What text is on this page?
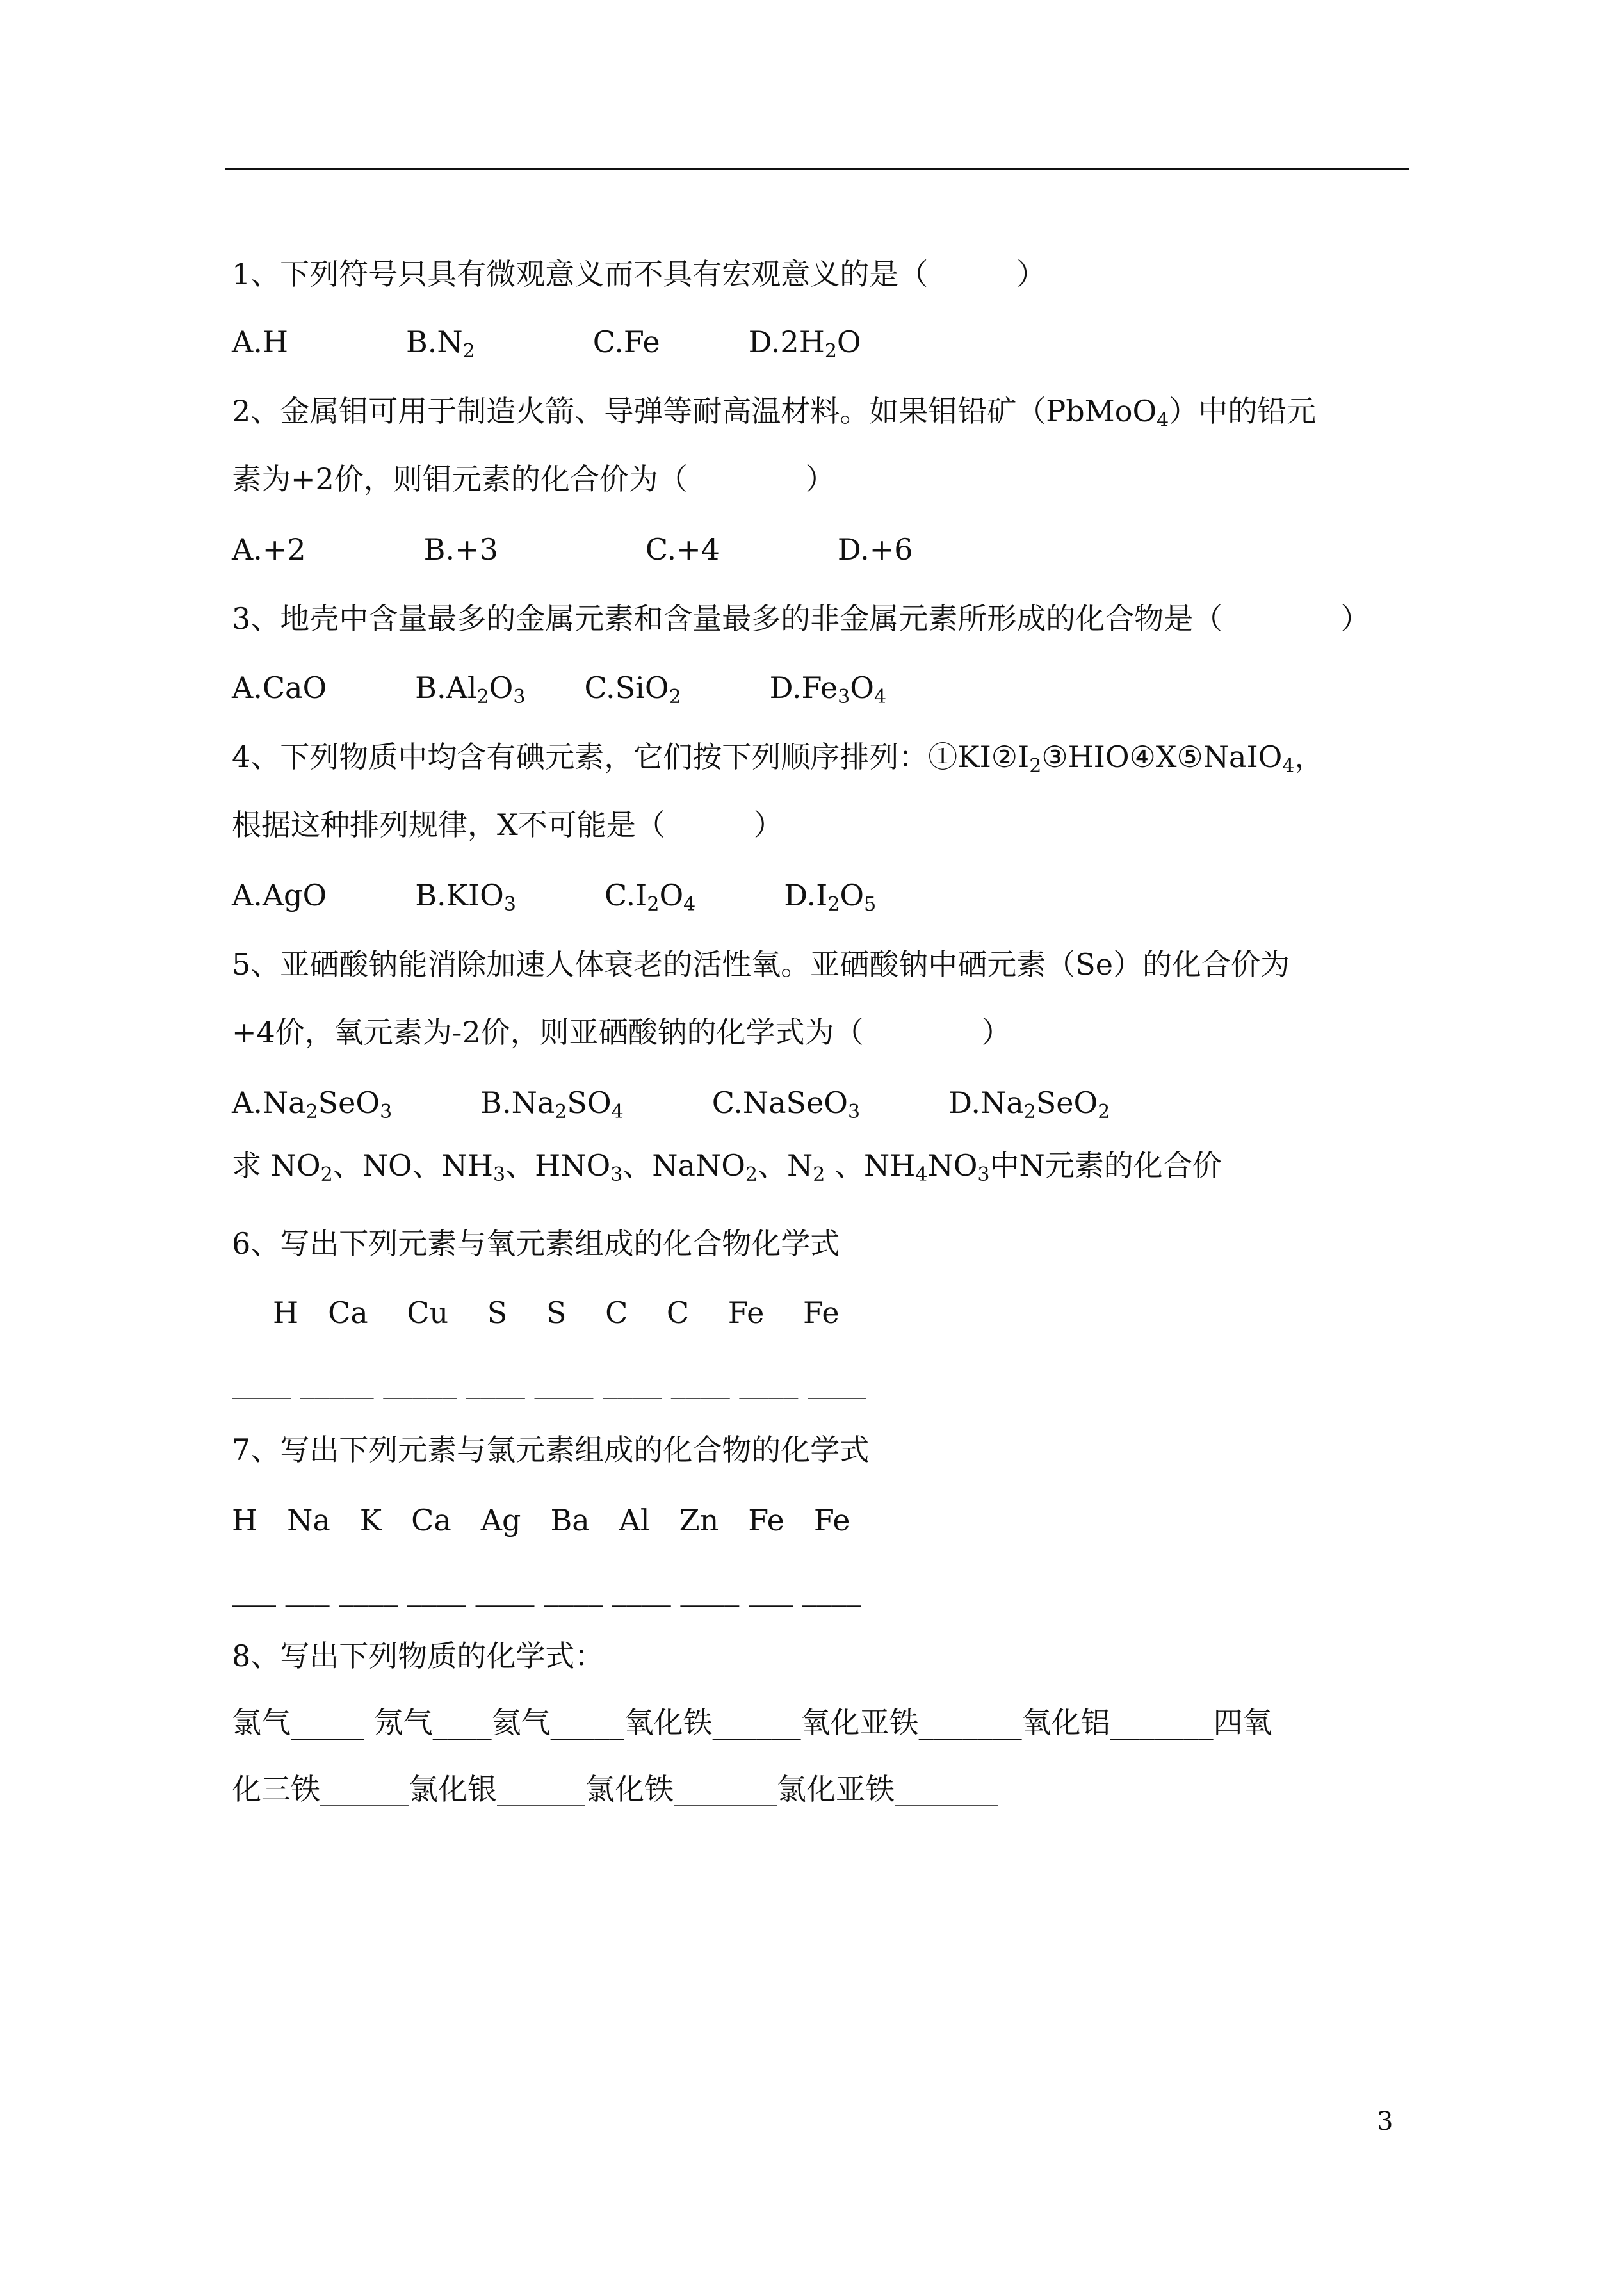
1、下列符号只具有微观意义而不具有宏观意义的是（　　　）
A.H　　　　	$B.N_2$　　　　	C.Fe　　　	$D.2H_2O$
2、金属钼可用于制造火箭、导弹等耐高温材料。如果钼铅矿（PbMoO$_4$）中的铅元
素为+2价，则钼元素的化合价为（　　　　）
A.+2　　　　B.+3　　　　　C.+4　　　　D.+6
3、地壳中含量最多的金属元素和含量最多的非金属元素所形成的化合物是（　　　　）
A.CaO　　　$B.Al_2O_3$　　C.SiO$_2$　　　$D.Fe_3O_4$
4、下列物质中均含有碘元素，它们按下列顺序排列：$①KI②I_2③HIO④X⑤NaIO_4$，
根据这种排列规律，X不可能是（　　　）
A.AgO　　　$B.KIO_3$　　　$C.I_2O_4$　　　$D.I_2O_5$
5、亚硒酸钠能消除加速人体衰老的活性氧。亚硒酸钠中硒元素（Se）的化合价为
+4价，氧元素为-2价，则亚硒酸钠的化学式为（　　　　）
$A.Na_2SeO_3$　　　$B.Na_2SO_4$　　　C.NaSeO$_3$　　　$D.Na_2SeO_2$
求 $NO_2$、NO、$NH_3$、$HNO_3$、NaNO$_2$、$N_2$ 、$NH_4NO_3$中N元素的化合价
6、写出下列元素与氧元素组成的化合物化学式
H　Ca　 Cu　 S　 S　 C　 C　 Fe　 Fe
____ _____ _____ ____ ____ ____ ____ ____ ____
7、写出下列元素与氯元素组成的化合物的化学式
H　Na　K　Ca　Ag　Ba　Al　Zn　Fe　Fe
___ ___ ____ ____ ____ ____ ____ ____ ___ ____
8、写出下列物质的化学式：
氯气_____ 氖气____氦气_____氧化铁______氧化亚铁_______氧化铝_______四氧
化三铁______氯化银______氯化铁_______氯化亚铁_______
3
